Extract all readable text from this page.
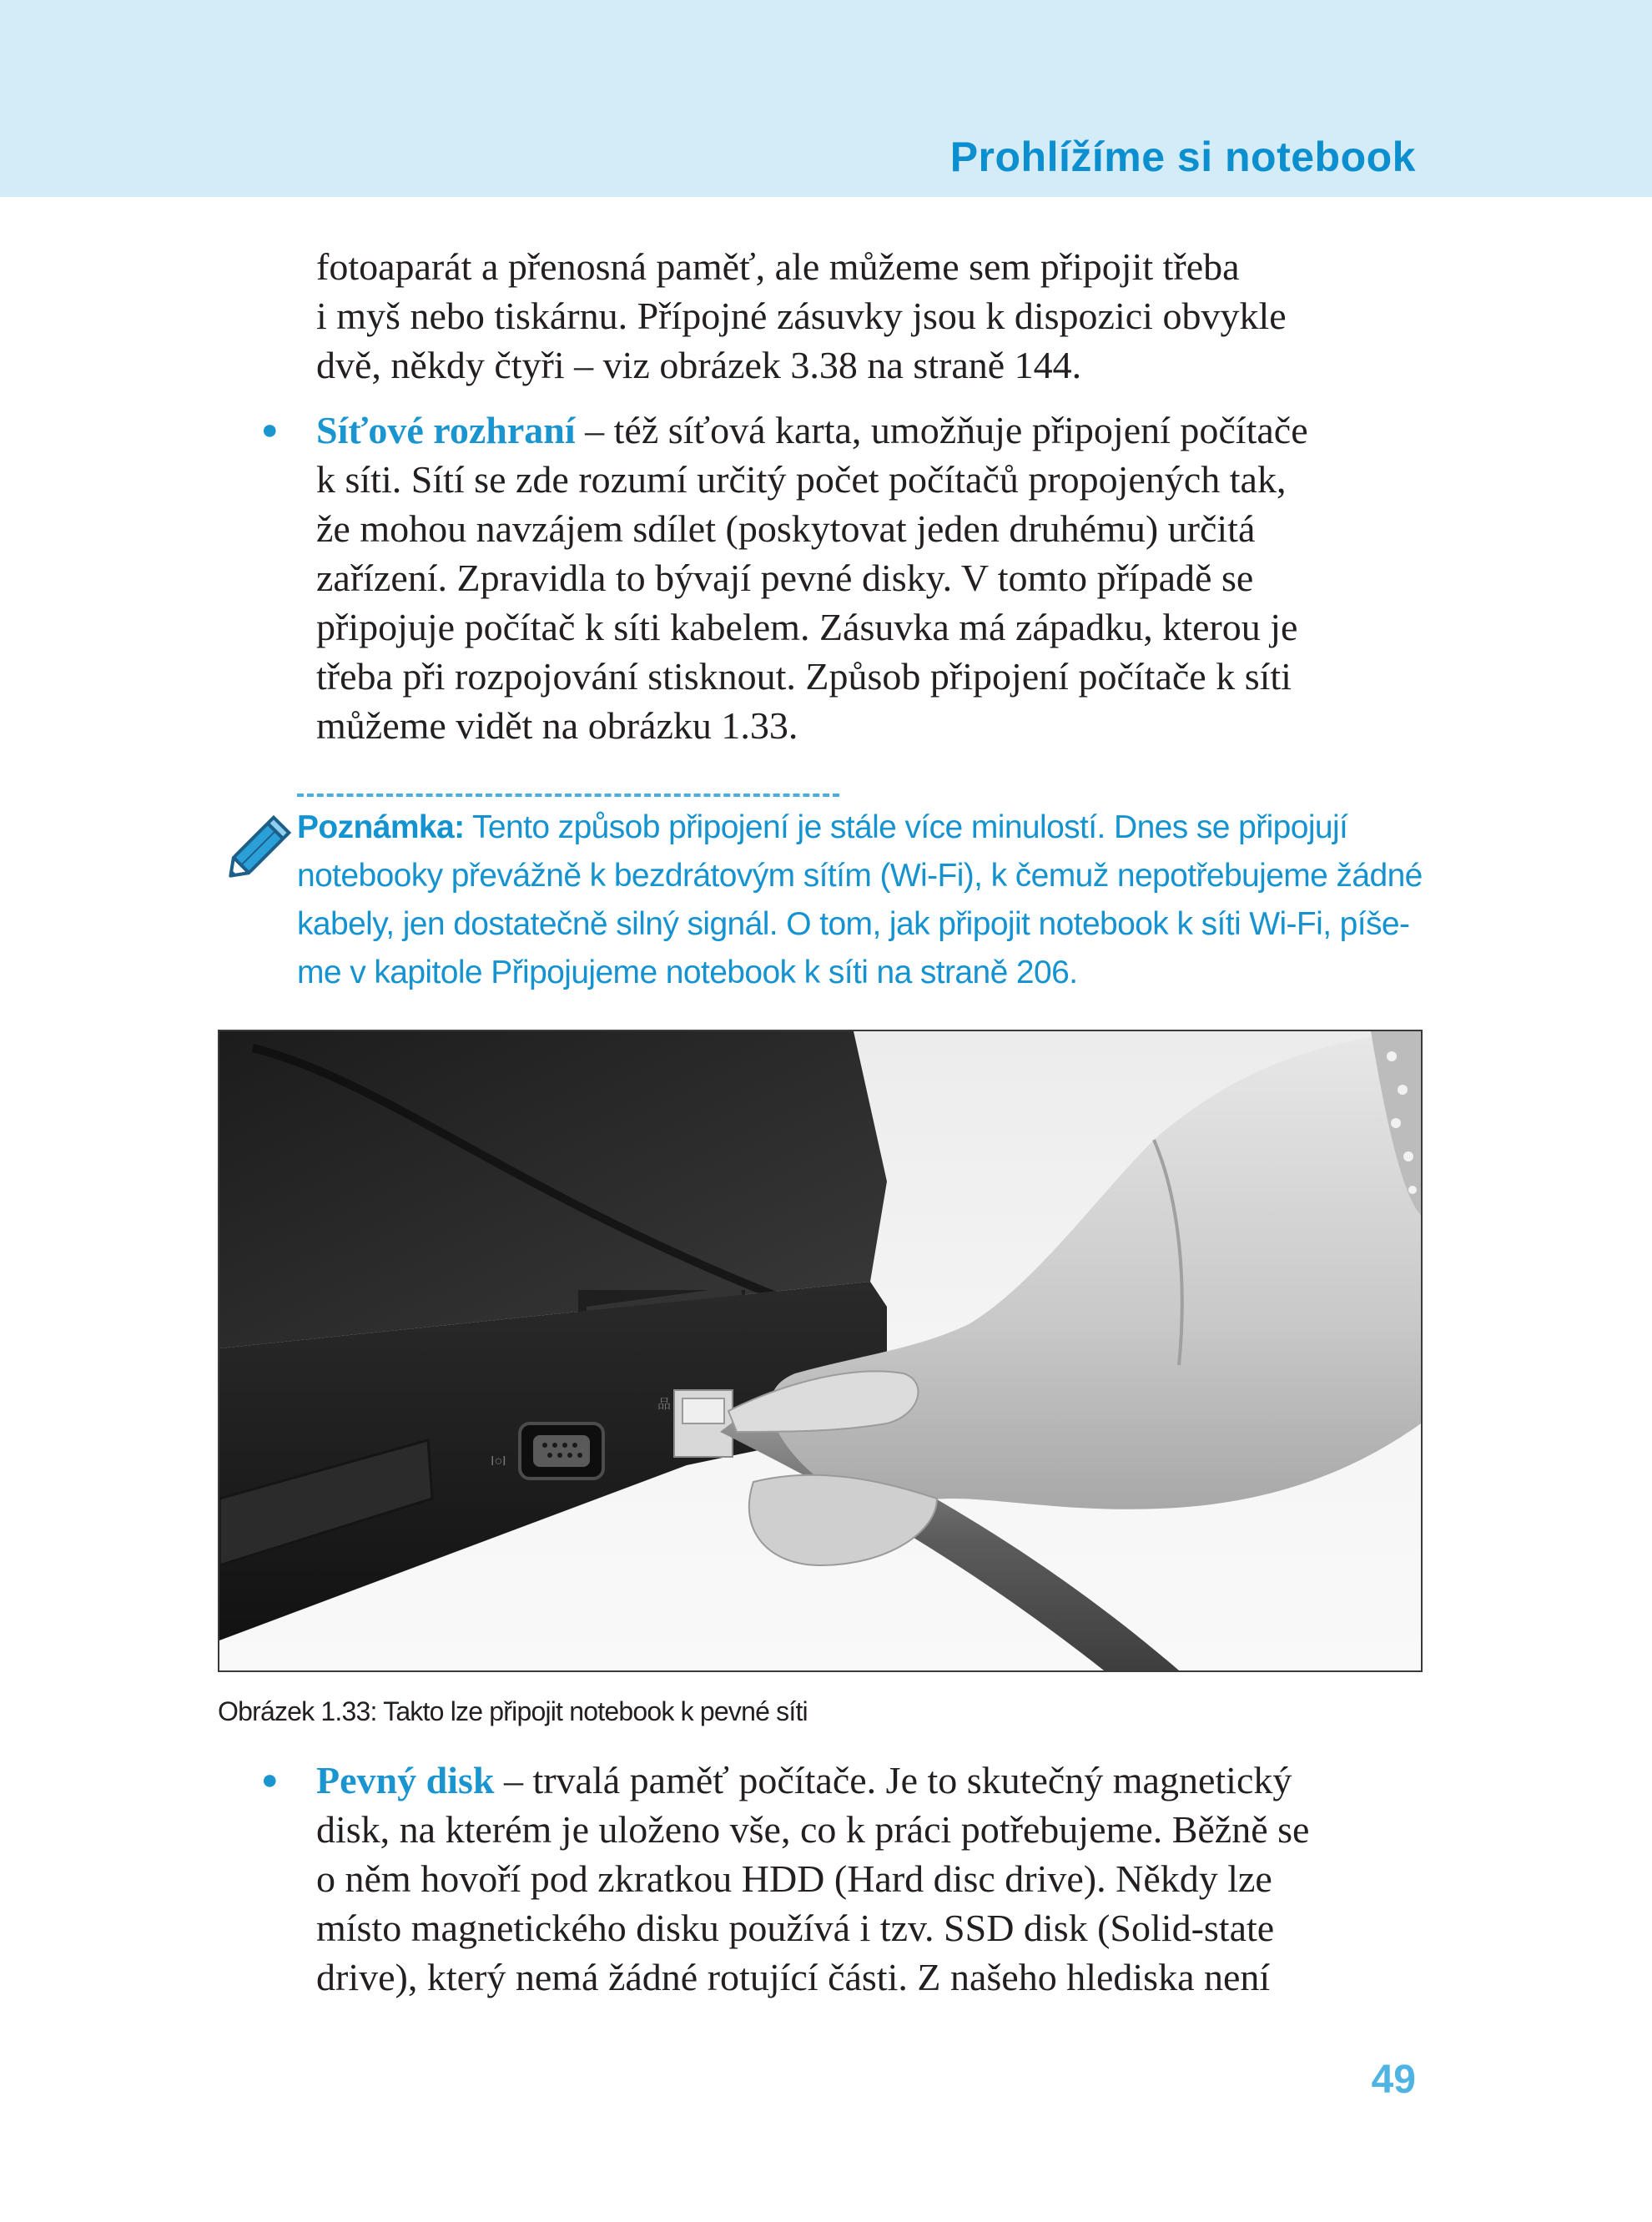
Prohlížíme si notebook

fotoaparát a přenosná paměť, ale můžeme sem připojit třeba

i myš nebo tiskárnu. Přípojné zásuvky jsou k dispozici obvykle

dvě, někdy čtyři – viz obrázek 3.38 na straně 144.

● Síťové rozhraní – též síťová karta, umožňuje připojení počítače

k síti. Sítí se zde rozumí určitý počet počítačů propojených tak,

že mohou navzájem sdílet (poskytovat jeden druhému) určitá

zařízení. Zpravidla to bývají pevné disky. V tomto případě se

připojuje počítač k síti kabelem. Zásuvka má západku, kterou je

třeba při rozpojování stisknout. Způsob připojení počítače k síti

můžeme vidět na obrázku 1.33.

Poznámka: Tento způsob připojení je stále více minulostí. Dnes se připojují

notebooky převážně k bezdrátovým sítím (Wi-Fi), k čemuž nepotřebujeme žádné

kabely, jen dostatečně silný signál. O tom, jak připojit notebook k síti Wi-Fi, píše-

me v kapitole Připojujeme notebook k síti na straně 206.

I○I
品

Obrázek 1.33: Takto lze připojit notebook k pevné síti

● Pevný disk – trvalá paměť počítače. Je to skutečný magnetický

disk, na kterém je uloženo vše, co k práci potřebujeme. Běžně se

o něm hovoří pod zkratkou HDD (Hard disc drive). Někdy lze

místo magnetického disku používá i tzv. SSD disk (Solid-state

drive), který nemá žádné rotující části. Z našeho hlediska není

49
